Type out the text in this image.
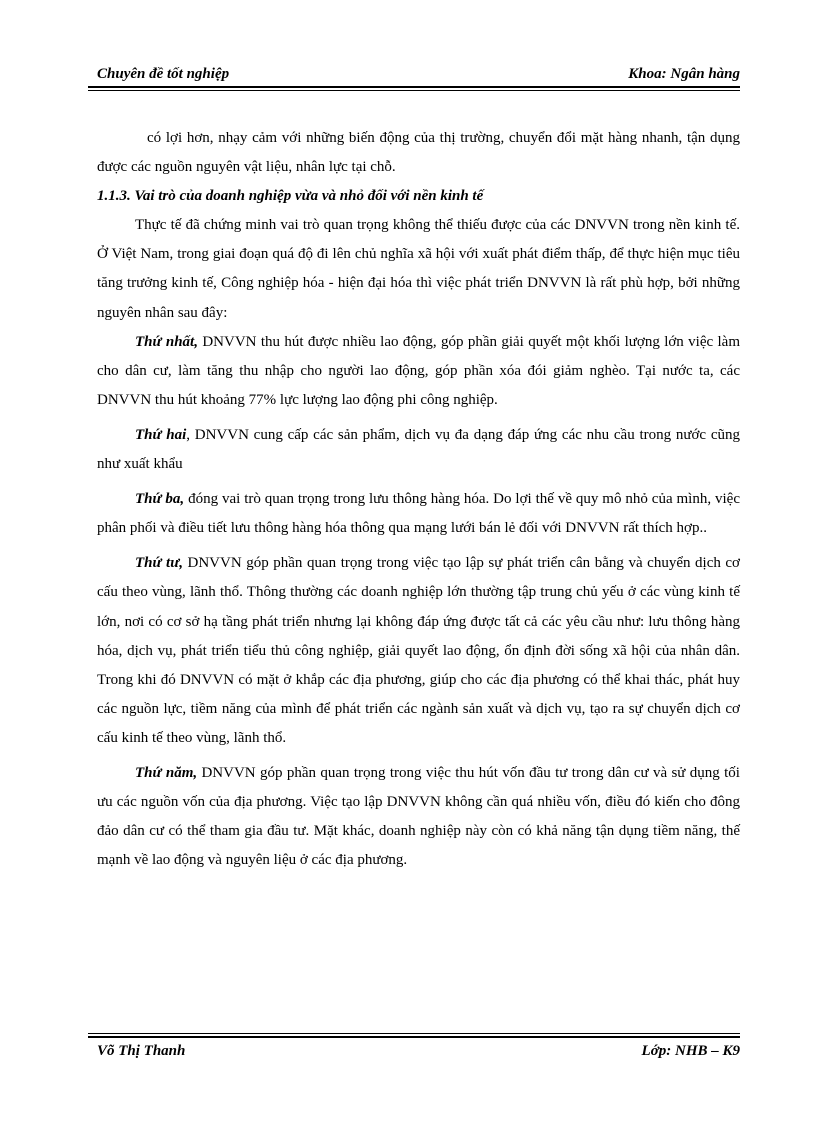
Chuyên đề tốt nghiệp	Khoa: Ngân hàng

có lợi hơn, nhạy cảm với những biến động của thị trường, chuyển đổi mặt hàng nhanh, tận dụng được các nguồn nguyên vật liệu, nhân lực tại chỗ.

1.1.3. Vai trò của doanh nghiệp vừa và nhỏ đối với nền kinh tế

Thực tế đã chứng minh vai trò quan trọng không thể thiếu được của các DNVVN trong nền kinh tế. Ở Việt Nam, trong giai đoạn quá độ đi lên chủ nghĩa xã hội với xuất phát điểm thấp, để thực hiện mục tiêu tăng trưởng kinh tế, Công nghiệp hóa - hiện đại hóa thì việc phát triển DNVVN là rất phù hợp, bởi những nguyên nhân sau đây:

Thứ nhất, DNVVN thu hút được nhiều lao động, góp phần giải quyết một khối lượng lớn việc làm cho dân cư, làm tăng thu nhập cho người lao động, góp phần xóa đói giảm nghèo. Tại nước ta, các DNVVN thu hút khoảng 77% lực lượng lao động phi công nghiệp.

Thứ hai, DNVVN cung cấp các sản phẩm, dịch vụ đa dạng đáp ứng các nhu cầu trong nước cũng như xuất khẩu

Thứ ba, đóng vai trò quan trọng trong lưu thông hàng hóa. Do lợi thế về quy mô nhỏ của mình, việc phân phối và điều tiết lưu thông hàng hóa thông qua mạng lưới bán lẻ đối với DNVVN rất thích hợp..

Thứ tư, DNVVN góp phần quan trọng trong việc tạo lập sự phát triển cân bằng và chuyển dịch cơ cấu theo vùng, lãnh thổ. Thông thường các doanh nghiệp lớn thường tập trung chủ yếu ở các vùng kinh tế lớn, nơi có cơ sở hạ tầng phát triển nhưng lại không đáp ứng được tất cả các yêu cầu như: lưu thông hàng hóa, dịch vụ, phát triển tiểu thủ công nghiệp, giải quyết lao động, ổn định đời sống xã hội của nhân dân. Trong khi đó DNVVN có mặt ở khắp các địa phương, giúp cho các địa phương có thể khai thác, phát huy các nguồn lực, tiềm năng của mình để phát triển các ngành sản xuất và dịch vụ, tạo ra sự chuyển dịch cơ cấu kinh tế theo vùng, lãnh thổ.

Thứ năm, DNVVN góp phần quan trọng trong việc thu hút vốn đầu tư trong dân cư và sử dụng tối ưu các nguồn vốn của địa phương. Việc tạo lập DNVVN không cần quá nhiều vốn, điều đó kiến cho đông đảo dân cư có thể tham gia đầu tư. Mặt khác, doanh nghiệp này còn có khả năng tận dụng tiềm năng, thế mạnh về lao động và nguyên liệu ở các địa phương.

Võ Thị Thanh	Lớp: NHB – K9
